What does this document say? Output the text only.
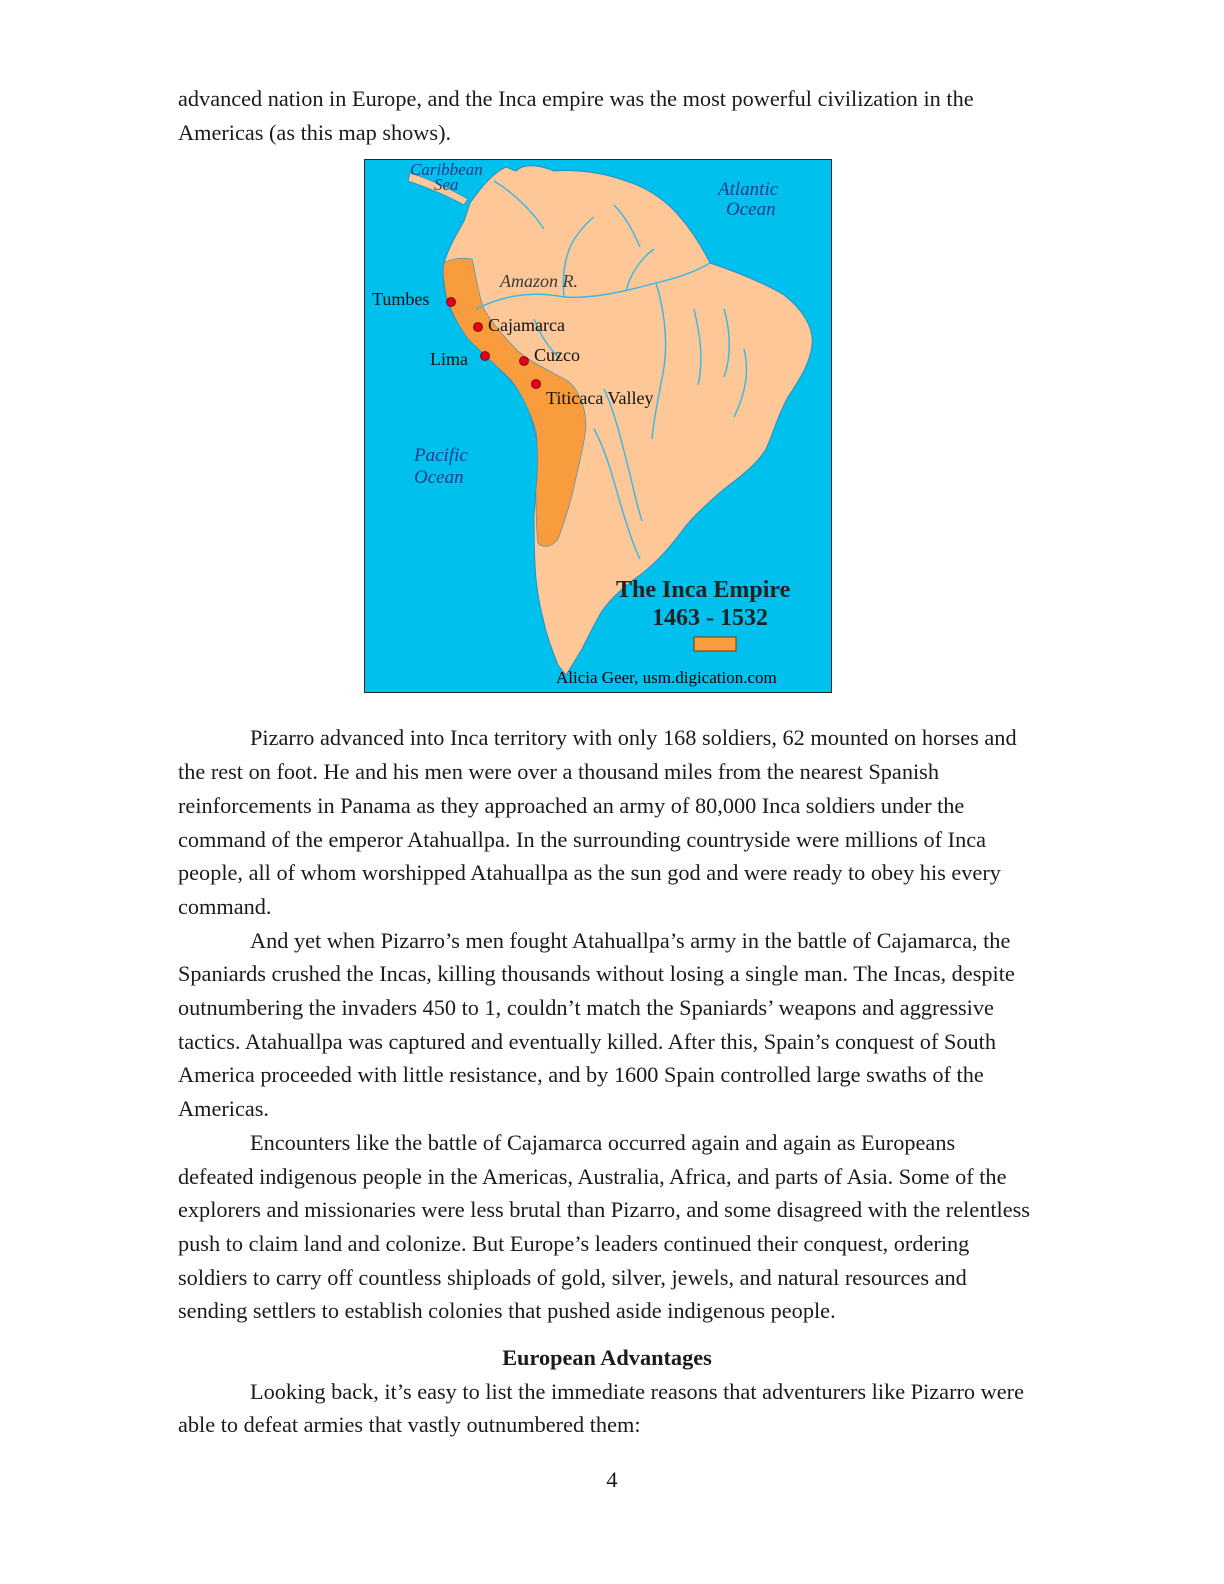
advanced nation in Europe, and the Inca empire was the most powerful civilization in the Americas (as this map shows).

Caribbean
Sea	Atlantic
Ocean
Pacific
Ocean
Amazon R.
Tumbes
Cajamarca
Lima	Cuzco
Titicaca Valley
The Inca Empire
1463 - 1532
Alicia Geer, usm.digication.com

Pizarro advanced into Inca territory with only 168 soldiers, 62 mounted on horses and the rest on foot. He and his men were over a thousand miles from the nearest Spanish reinforcements in Panama as they approached an army of 80,000 Inca soldiers under the command of the emperor Atahuallpa. In the surrounding countryside were millions of Inca people, all of whom worshipped Atahuallpa as the sun god and were ready to obey his every command.

And yet when Pizarro’s men fought Atahuallpa’s army in the battle of Cajamarca, the Spaniards crushed the Incas, killing thousands without losing a single man. The Incas, despite outnumbering the invaders 450 to 1, couldn’t match the Spaniards’ weapons and aggressive tactics. Atahuallpa was captured and eventually killed. After this, Spain’s conquest of South America proceeded with little resistance, and by 1600 Spain controlled large swaths of the Americas.

Encounters like the battle of Cajamarca occurred again and again as Europeans defeated indigenous people in the Americas, Australia, Africa, and parts of Asia. Some of the explorers and missionaries were less brutal than Pizarro, and some disagreed with the relentless push to claim land and colonize. But Europe’s leaders continued their conquest, ordering soldiers to carry off countless shiploads of gold, silver, jewels, and natural resources and sending settlers to establish colonies that pushed aside indigenous people.

European Advantages

Looking back, it’s easy to list the immediate reasons that adventurers like Pizarro were able to defeat armies that vastly outnumbered them:

4
